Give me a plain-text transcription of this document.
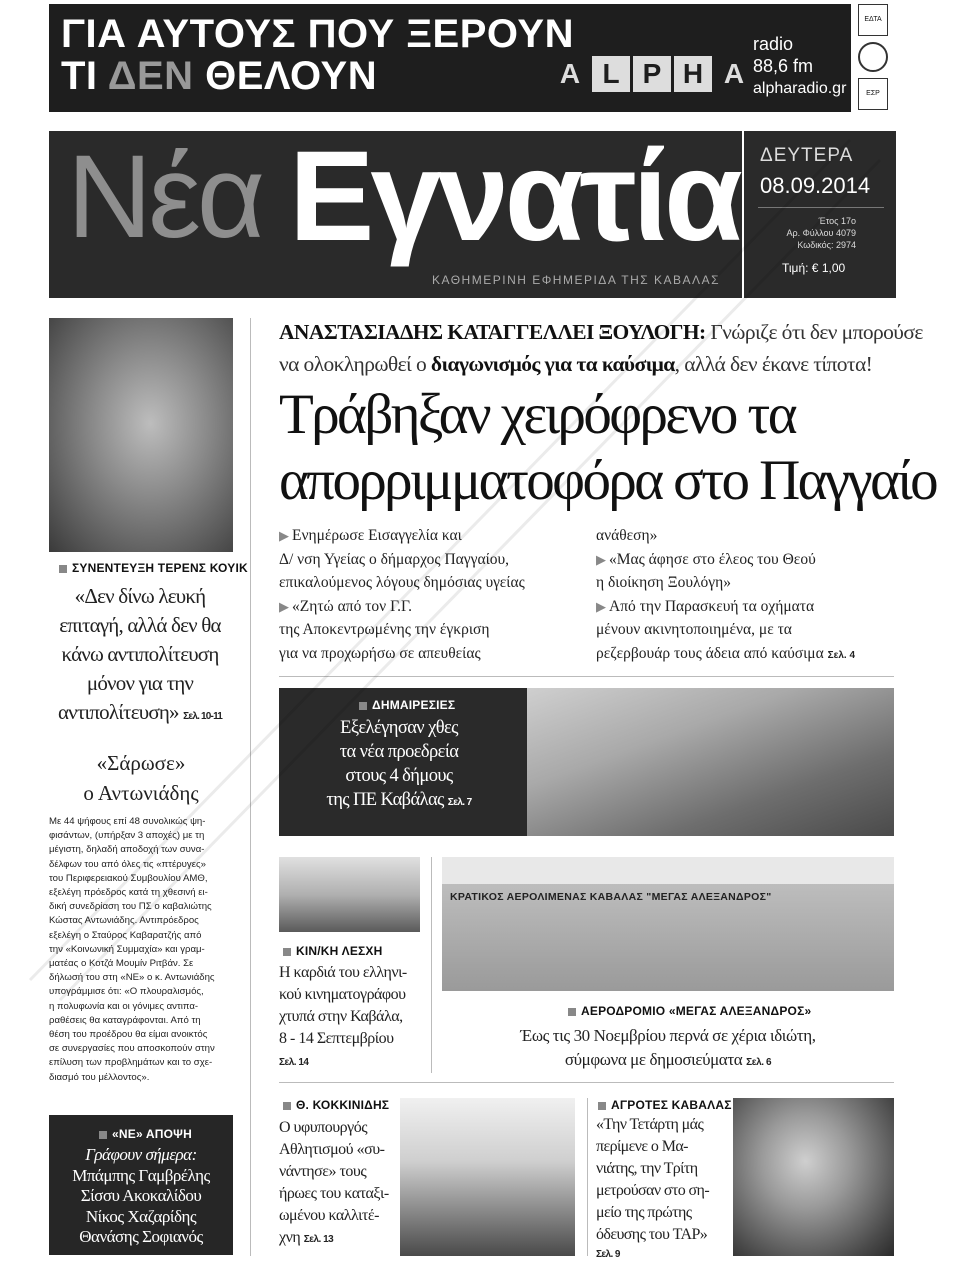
ΓΙΑ ΑΥΤΟΥΣ ΠΟΥ ΞΕΡΟΥΝ
ΤΙ ΔΕΝ ΘΕΛΟΥΝ	A L P H A
radio
88,6 fm
alpharadio.gr
ΕΔΤΑ
ΕΣΡ
Νέα Εγνατία
ΚΑΘΗΜΕΡΙΝΗ ΕΦΗΜΕΡΙΔΑ ΤΗΣ ΚΑΒΑΛΑΣ
ΔΕΥΤΕΡΑ
08.09.2014
Έτος 17ο
Αρ. Φύλλου 4079
Κωδικός: 2974
Τιμή: € 1,00
ΑΝΑΣΤΑΣΙΑΔΗΣ ΚΑΤΑΓΓΕΛΛΕΙ ΞΟΥΛΟΓΗ: Γνώριζε ότι δεν μπορούσε
να ολοκληρωθεί ο διαγωνισμός για τα καύσιμα, αλλά δεν έκανε τίποτα!
Τράβηξαν χειρόφρενο τα
απορριμματοφόρα στο Παγγαίο
▶ Ενημέρωσε Εισαγγελία και
Δ/ νση Υγείας ο δήμαρχος Παγγαίου,
επικαλούμενος λόγους δημόσιας υγείας
▶ «Ζητώ από τον Γ.Γ.
της Αποκεντρωμένης την έγκριση
για να προχωρήσω σε απευθείας
ανάθεση»
▶ «Μας άφησε στο έλεος του Θεού
η διοίκηση Ξουλόγη»
▶ Από την Παρασκευή τα οχήματα
μένουν ακινητοποιημένα, με τα
ρεζερβουάρ τους άδεια από καύσιμα Σελ. 4
ΣΥΝΕΝΤΕΥΞΗ ΤΕΡΕΝΣ ΚΟΥΙΚ
«Δεν δίνω λευκή
επιταγή, αλλά δεν θα
κάνω αντιπολίτευση
μόνον για την
αντιπολίτευση» Σελ. 10-11
«Σάρωσε»
ο Αντωνιάδης
Με 44 ψήφους επί 48 συνολικώς ψη-
φισάντων, (υπήρξαν 3 αποχές) με τη
μέγιστη, δηλαδή αποδοχή των συνα-
δέλφων του από όλες τις «πτέρυγες»
του Περιφερειακού Συμβουλίου ΑΜΘ,
εξελέγη πρόεδρος κατά τη χθεσινή ει-
δική συνεδρίαση του ΠΣ ο καβαλιώτης
Κώστας Αντωνιάδης. Αντιπρόεδρος
εξελέγη ο Σταύρος Καβαρατζής από
την «Κοινωνική Συμμαχία» και γραμ-
ματέας ο Κοτζά Μουμίν Ριτβάν. Σε
δήλωσή του στη «ΝΕ» ο κ. Αντωνιάδης
υπογράμμισε ότι: «Ο πλουραλισμός,
η πολυφωνία και οι γόνιμες αντιπα-
ραθέσεις θα καταγράφονται. Από τη
θέση του προέδρου θα είμαι ανοικτός
σε συνεργασίες που αποσκοπούν στην
επίλυση των προβλημάτων και το σχε-
διασμό του μέλλοντος».
«ΝΕ» ΑΠΟΨΗ
Γράφουν σήμερα:
Μπάμπης Γαμβρέλης
Σίσσυ Ακοκαλίδου
Νίκος Χαζαρίδης
Θανάσης Σοφιανός
ΔΗΜΑΙΡΕΣΙΕΣ
Εξελέγησαν χθες
τα νέα προεδρεία
στους 4 δήμους
της ΠΕ Καβάλας Σελ. 7
ΚΙΝ/ΚΗ ΛΕΣΧΗ
Η καρδιά του ελληνι-
κού κινηματογράφου
χτυπά στην Καβάλα,
8 - 14 Σεπτεμβρίου
Σελ. 14
ΚΡΑΤΙΚΟΣ ΑΕΡΟΛΙΜΕΝΑΣ ΚΑΒΑΛΑΣ "ΜΕΓΑΣ ΑΛΕΞΑΝΔΡΟΣ"
ΑΕΡΟΔΡΟΜΙΟ «ΜΕΓΑΣ ΑΛΕΞΑΝΔΡΟΣ»
Έως τις 30 Νοεμβρίου περνά σε χέρια ιδιώτη,
σύμφωνα με δημοσιεύματα Σελ. 6
Θ. ΚΟΚΚΙΝΙΔΗΣ
Ο υφυπουργός
Αθλητισμού «συ-
νάντησε» τους
ήρωες του καταξι-
ωμένου καλλιτέ-
χνη Σελ. 13
ΑΓΡΟΤΕΣ ΚΑΒΑΛΑΣ
«Την Τετάρτη μάς
περίμενε ο Μα-
νιάτης, την Τρίτη
μετρούσαν στο ση-
μείο της πρώτης
όδευσης του TAP»
Σελ. 9
